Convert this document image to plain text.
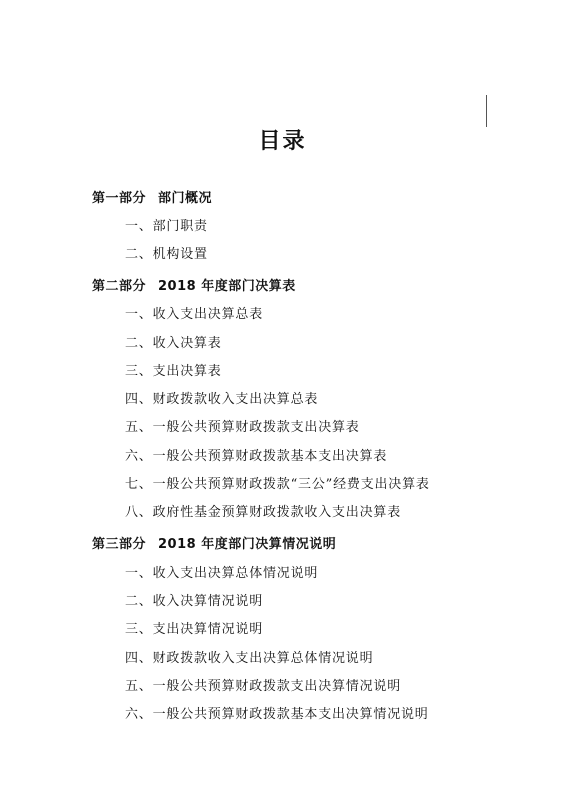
目录
第一部分 部门概况
一、部门职责
二、机构设置
第二部分 2018 年度部门决算表
一、收入支出决算总表
二、收入决算表
三、支出决算表
四、财政拨款收入支出决算总表
五、一般公共预算财政拨款支出决算表
六、一般公共预算财政拨款基本支出决算表
七、一般公共预算财政拨款“三公”经费支出决算表
八、政府性基金预算财政拨款收入支出决算表
第三部分 2018 年度部门决算情况说明
一、收入支出决算总体情况说明
二、收入决算情况说明
三、支出决算情况说明
四、财政拨款收入支出决算总体情况说明
五、一般公共预算财政拨款支出决算情况说明
六、一般公共预算财政拨款基本支出决算情况说明
